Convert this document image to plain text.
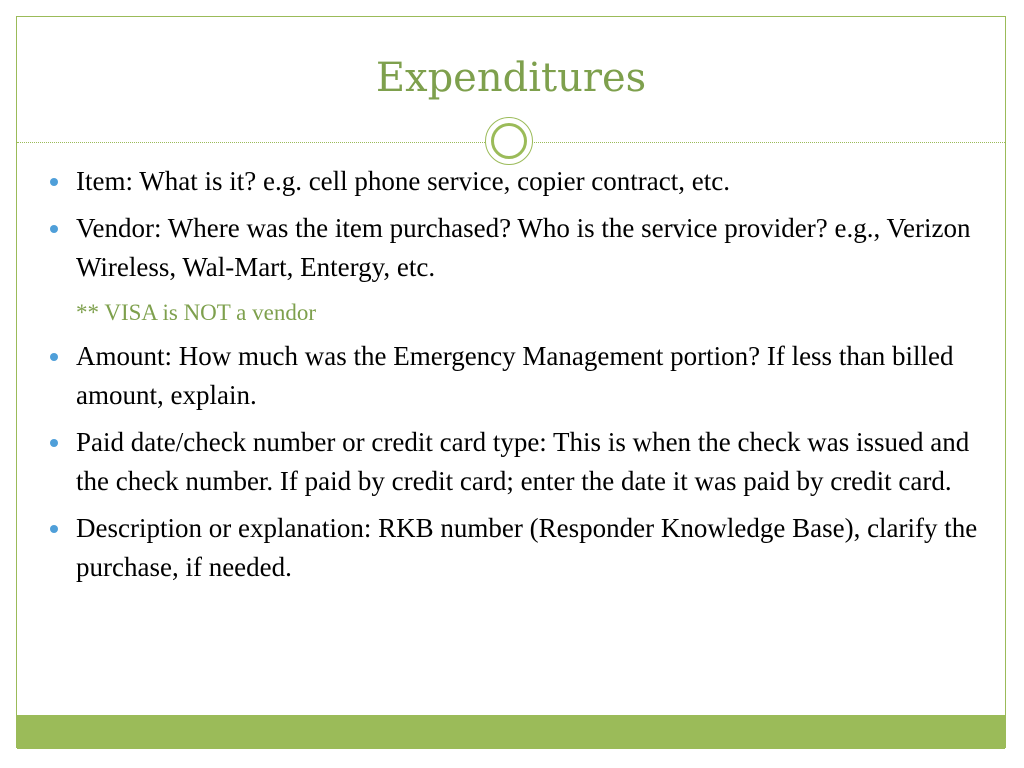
Expenditures
Item: What is it? e.g. cell phone service, copier contract, etc.
Vendor: Where was the item purchased? Who is the service provider? e.g., Verizon Wireless, Wal-Mart, Entergy, etc.
** VISA is NOT a vendor
Amount: How much was the Emergency Management portion? If less than billed amount, explain.
Paid date/check number or credit card type: This is when the check was issued and the check number. If paid by credit card; enter the date it was paid by credit card.
Description or explanation: RKB number (Responder Knowledge Base), clarify the purchase, if needed.
